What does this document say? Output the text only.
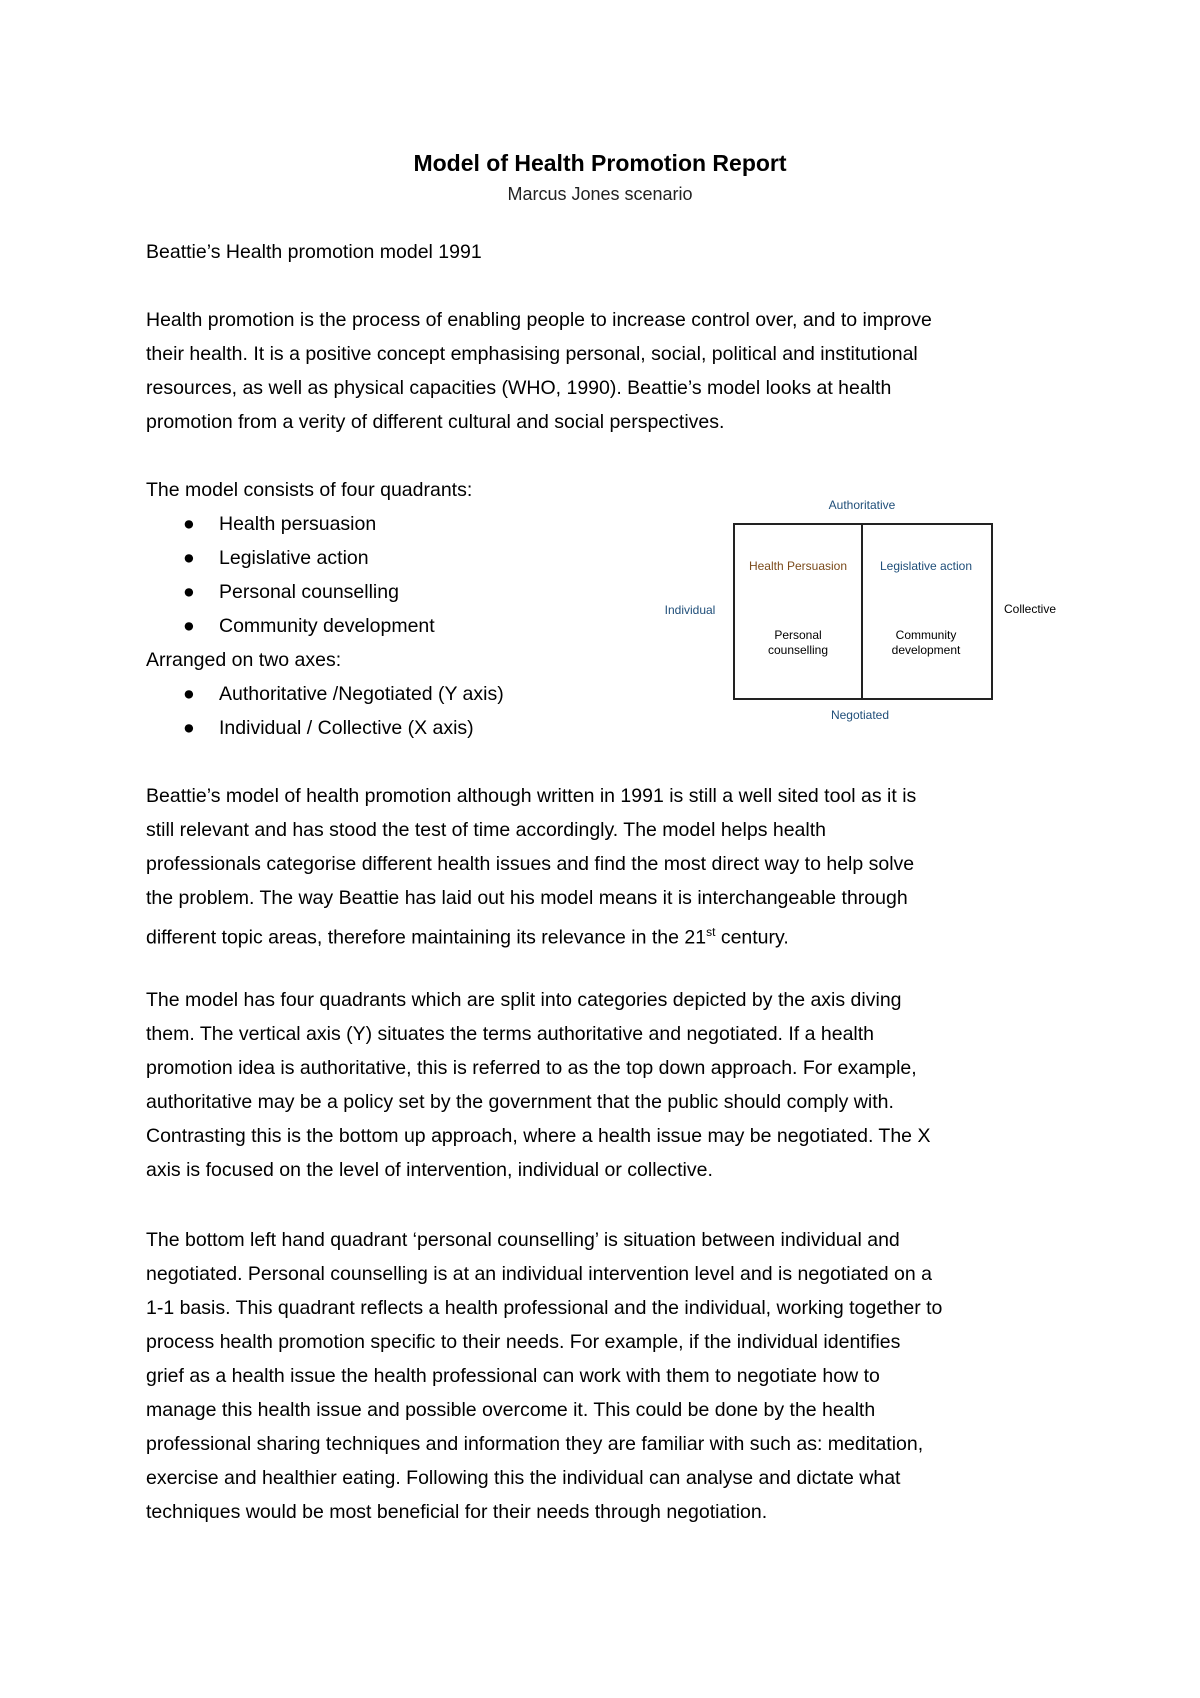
Model of Health Promotion Report
Marcus Jones scenario
Beattie’s Health promotion model 1991
Health promotion is the process of enabling people to increase control over, and to improve
their health. It is a positive concept emphasising personal, social, political and institutional
resources, as well as physical capacities (WHO, 1990). Beattie’s model looks at health
promotion from a verity of different cultural and social perspectives.
The model consists of four quadrants:
● Health persuasion
● Legislative action
● Personal counselling
● Community development
Arranged on two axes:
● Authoritative /Negotiated (Y axis)
● Individual / Collective (X axis)
Authoritative
Negotiated
Individual	Collective
Health Persuasion	Legislative action
Personal
counselling
Community
development
Beattie’s model of health promotion although written in 1991 is still a well sited tool as it is
still relevant and has stood the test of time accordingly. The model helps health
professionals categorise different health issues and find the most direct way to help solve
the problem. The way Beattie has laid out his model means it is interchangeable through
different topic areas, therefore maintaining its relevance in the 21st century.
The model has four quadrants which are split into categories depicted by the axis diving
them. The vertical axis (Y) situates the terms authoritative and negotiated. If a health
promotion idea is authoritative, this is referred to as the top down approach. For example,
authoritative may be a policy set by the government that the public should comply with.
Contrasting this is the bottom up approach, where a health issue may be negotiated. The X
axis is focused on the level of intervention, individual or collective.
The bottom left hand quadrant ‘personal counselling’ is situation between individual and
negotiated. Personal counselling is at an individual intervention level and is negotiated on a
1-1 basis. This quadrant reflects a health professional and the individual, working together to
process health promotion specific to their needs. For example, if the individual identifies
grief as a health issue the health professional can work with them to negotiate how to
manage this health issue and possible overcome it. This could be done by the health
professional sharing techniques and information they are familiar with such as: meditation,
exercise and healthier eating. Following this the individual can analyse and dictate what
techniques would be most beneficial for their needs through negotiation.
